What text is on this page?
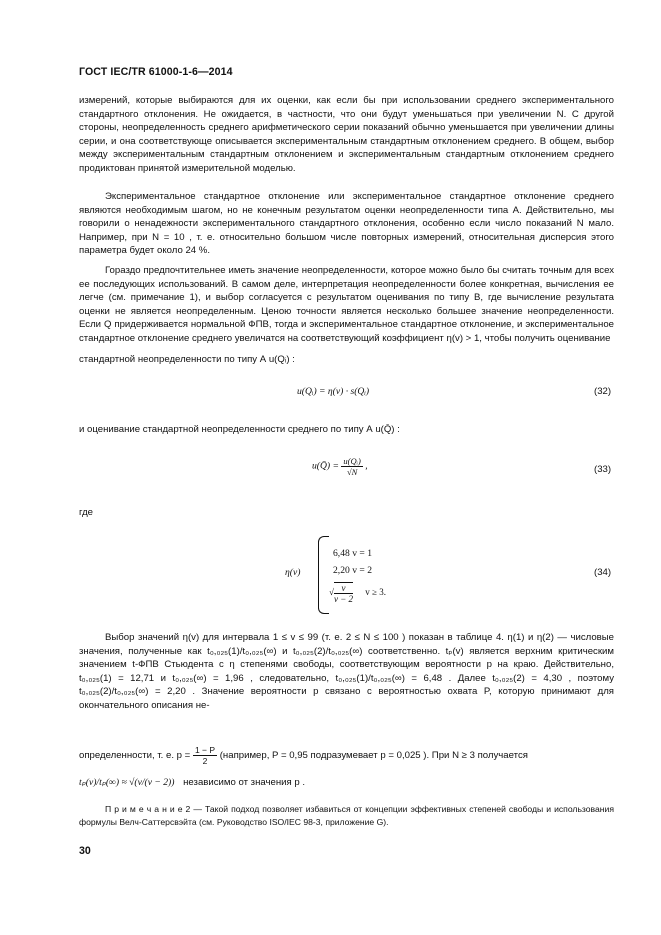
ГОСТ IEC/TR 61000-1-6—2014

измерений, которые выбираются для их оценки, как если бы при использовании среднего экспериментального стандартного отклонения. Не ожидается, в частности, что они будут уменьшаться при увеличении N. С другой стороны, неопределенность среднего арифметического серии показаний обычно уменьшается при увеличении длины серии, и она соответствующе описывается экспериментальным стандартным отклонением среднего. В общем, выбор между экспериментальным стандартным отклонением и экспериментальным стандартным отклонением среднего продиктован принятой измерительной моделью.

Экспериментальное стандартное отклонение или экспериментальное стандартное отклонение среднего являются необходимым шагом, но не конечным результатом оценки неопределенности типа А. Действительно, мы говорили о ненадежности экспериментального стандартного отклонения, особенно если число показаний N мало. Например, при N = 10 , т. е. относительно большом числе повторных измерений, относительная дисперсия этого параметра будет около 24 %.

Гораздо предпочтительнее иметь значение неопределенности, которое можно было бы считать точным для всех ее последующих использований. В самом деле, интерпретация неопределенности более конкретная, вычисления ее легче (см. примечание 1), и выбор согласуется с результатом оценивания по типу В, где вычисление результата оценки не является неопределенным. Ценою точности является несколько большее значение неопределенности. Если Q придерживается нормальной ФПВ, тогда и экспериментальное стандартное отклонение, и экспериментальное стандартное отклонение среднего увеличатся на соответствующий коэффициент η(v) > 1, чтобы получить оценивание

стандартной неопределенности по типу А u(Qᵢ) :
u(Qᵢ) = η(v) · s(Qᵢ)	(32)
и оценивание стандартной неопределенности среднего по типу А u(Q̄) :
u(Q̄) = $\frac{\text{u(Qᵢ)}}{√N}$ ,	(33)
где
η(v)
6,48 v = 1
2,20 v = 2
√ $\frac{v}{v - 2}$ v ≥ 3.
(34)

Выбор значений η(v) для интервала 1 ≤ v ≤ 99 (т. е. 2 ≤ N ≤ 100 ) показан в таблице 4. η(1) и η(2) — числовые значения, полученные как t₀,₀₂₅(1)/t₀,₀₂₅(∞) и t₀,₀₂₅(2)/t₀,₀₂₅(∞) соответственно. tₚ(v) является верхним критическим значением t-ФПВ Стьюдента с η степенями свободы, соответствующим вероятности p на краю. Действительно, t₀,₀₂₅(1) = 12,71 и t₀,₀₂₅(∞) = 1,96 , следовательно, t₀,₀₂₅(1)/t₀,₀₂₅(∞) = 6,48 . Далее t₀,₀₂₅(2) = 4,30 , поэтому t₀,₀₂₅(2)/t₀,₀₂₅(∞) = 2,20 . Значение вероятности p связано с вероятностью охвата P, которую принимают для окончательного описания не-

определенности, т. е. $p = \frac{1 - P}{2}$ (например, P = 0,95 подразумевает p = 0,025 ). При N ≥ 3 получается
tₚ(v)/tₚ(∞) ≈ √(v/(v − 2)) независимо от значения p .
П р и м е ч а н и е 2 — Такой подход позволяет избавиться от концепции эффективных степеней свободы и использования формулы Велч-Саттерсвэйта (см. Руководство ISO/IEC 98-3, приложение G).
30
